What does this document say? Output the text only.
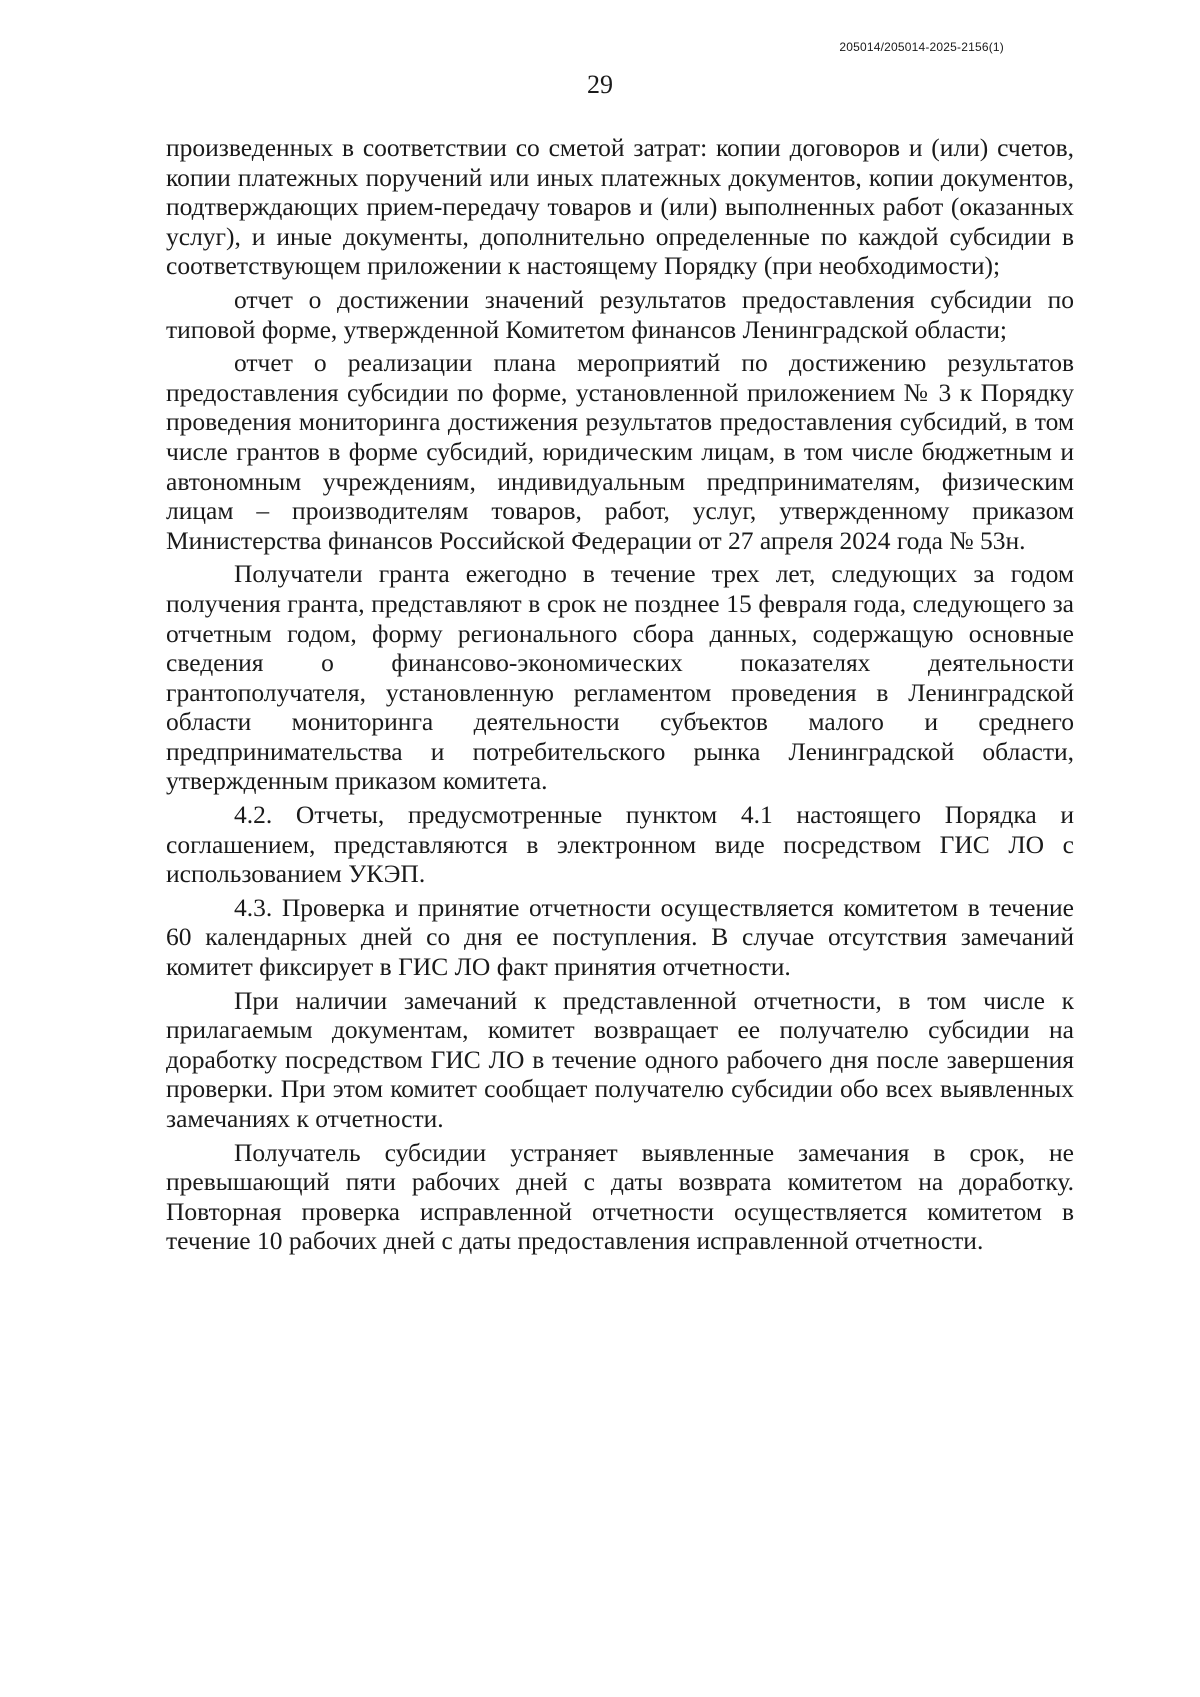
205014/205014-2025-2156(1)
29

произведенных в соответствии со сметой затрат: копии договоров и (или) счетов, копии платежных поручений или иных платежных документов, копии документов, подтверждающих прием-передачу товаров и (или) выполненных работ (оказанных услуг), и иные документы, дополнительно определенные по каждой субсидии в соответствующем приложении к настоящему Порядку (при необходимости);

отчет о достижении значений результатов предоставления субсидии по типовой форме, утвержденной Комитетом финансов Ленинградской области;

отчет о реализации плана мероприятий по достижению результатов предоставления субсидии по форме, установленной приложением № 3 к Порядку проведения мониторинга достижения результатов предоставления субсидий, в том числе грантов в форме субсидий, юридическим лицам, в том числе бюджетным и автономным учреждениям, индивидуальным предпринимателям, физическим лицам – производителям товаров, работ, услуг, утвержденному приказом Министерства финансов Российской Федерации от 27 апреля 2024 года № 53н.

Получатели гранта ежегодно в течение трех лет, следующих за годом получения гранта, представляют в срок не позднее 15 февраля года, следующего за отчетным годом, форму регионального сбора данных, содержащую основные сведения о финансово-экономических показателях деятельности грантополучателя, установленную регламентом проведения в Ленинградской области мониторинга деятельности субъектов малого и среднего предпринимательства и потребительского рынка Ленинградской области, утвержденным приказом комитета.

4.2. Отчеты, предусмотренные пунктом 4.1 настоящего Порядка и соглашением, представляются в электронном виде посредством ГИС ЛО с использованием УКЭП.

4.3. Проверка и принятие отчетности осуществляется комитетом в течение 60 календарных дней со дня ее поступления. В случае отсутствия замечаний комитет фиксирует в ГИС ЛО факт принятия отчетности.

При наличии замечаний к представленной отчетности, в том числе к прилагаемым документам, комитет возвращает ее получателю субсидии на доработку посредством ГИС ЛО в течение одного рабочего дня после завершения проверки. При этом комитет сообщает получателю субсидии обо всех выявленных замечаниях к отчетности.

Получатель субсидии устраняет выявленные замечания в срок, не превышающий пяти рабочих дней с даты возврата комитетом на доработку. Повторная проверка исправленной отчетности осуществляется комитетом в течение 10 рабочих дней с даты предоставления исправленной отчетности.
